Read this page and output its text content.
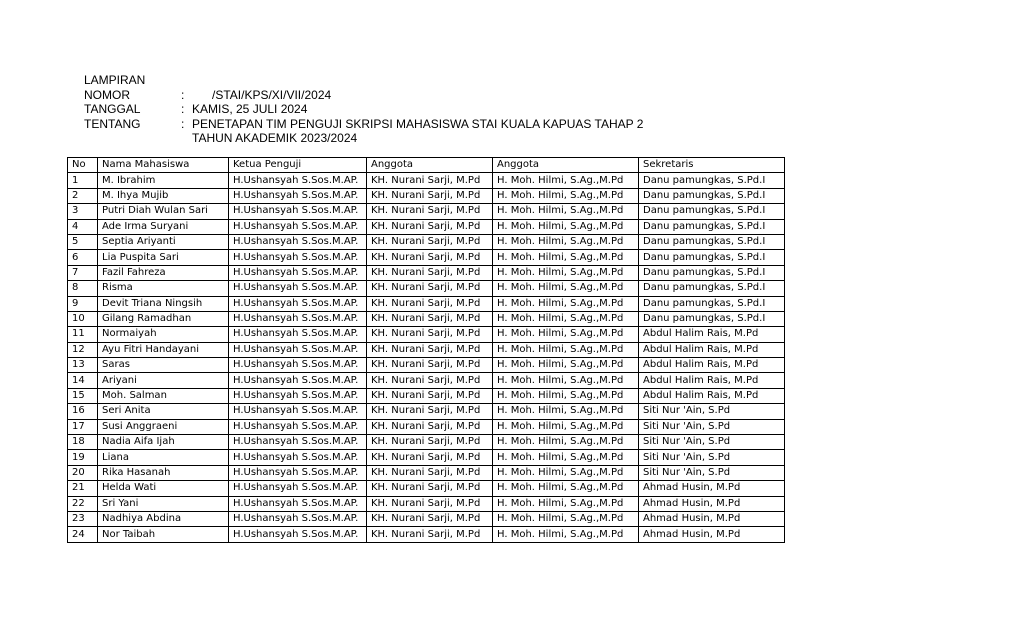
LAMPIRAN
NOMOR	:	/STAI/KPS/XI/VII/2024
TANGGAL	: KAMIS, 25 JULI 2024
TENTANG	: PENETAPAN TIM PENGUJI SKRIPSI MAHASISWA STAI KUALA KAPUAS TAHAP 2
TAHUN AKADEMIK 2023/2024
No	Nama Mahasiswa	Ketua Penguji	Anggota	Anggota	Sekretaris
1	M. Ibrahim	H.Ushansyah S.Sos.M.AP.	KH. Nurani Sarji, M.Pd	H. Moh. Hilmi, S.Ag.,M.Pd	Danu pamungkas, S.Pd.I
2	M. Ihya Mujib	H.Ushansyah S.Sos.M.AP.	KH. Nurani Sarji, M.Pd	H. Moh. Hilmi, S.Ag.,M.Pd	Danu pamungkas, S.Pd.I
3	Putri Diah Wulan Sari	H.Ushansyah S.Sos.M.AP.	KH. Nurani Sarji, M.Pd	H. Moh. Hilmi, S.Ag.,M.Pd	Danu pamungkas, S.Pd.I
4	Ade Irma Suryani	H.Ushansyah S.Sos.M.AP.	KH. Nurani Sarji, M.Pd	H. Moh. Hilmi, S.Ag.,M.Pd	Danu pamungkas, S.Pd.I
5	Septia Ariyanti	H.Ushansyah S.Sos.M.AP.	KH. Nurani Sarji, M.Pd	H. Moh. Hilmi, S.Ag.,M.Pd	Danu pamungkas, S.Pd.I
6	Lia Puspita Sari	H.Ushansyah S.Sos.M.AP.	KH. Nurani Sarji, M.Pd	H. Moh. Hilmi, S.Ag.,M.Pd	Danu pamungkas, S.Pd.I
7	Fazil Fahreza	H.Ushansyah S.Sos.M.AP.	KH. Nurani Sarji, M.Pd	H. Moh. Hilmi, S.Ag.,M.Pd	Danu pamungkas, S.Pd.I
8	Risma	H.Ushansyah S.Sos.M.AP.	KH. Nurani Sarji, M.Pd	H. Moh. Hilmi, S.Ag.,M.Pd	Danu pamungkas, S.Pd.I
9	Devit Triana Ningsih	H.Ushansyah S.Sos.M.AP.	KH. Nurani Sarji, M.Pd	H. Moh. Hilmi, S.Ag.,M.Pd	Danu pamungkas, S.Pd.I
10	Gilang Ramadhan	H.Ushansyah S.Sos.M.AP.	KH. Nurani Sarji, M.Pd	H. Moh. Hilmi, S.Ag.,M.Pd	Danu pamungkas, S.Pd.I
11	Normaiyah	H.Ushansyah S.Sos.M.AP.	KH. Nurani Sarji, M.Pd	H. Moh. Hilmi, S.Ag.,M.Pd	Abdul Halim Rais, M.Pd
12	Ayu Fitri Handayani	H.Ushansyah S.Sos.M.AP.	KH. Nurani Sarji, M.Pd	H. Moh. Hilmi, S.Ag.,M.Pd	Abdul Halim Rais, M.Pd
13	Saras	H.Ushansyah S.Sos.M.AP.	KH. Nurani Sarji, M.Pd	H. Moh. Hilmi, S.Ag.,M.Pd	Abdul Halim Rais, M.Pd
14	Ariyani	H.Ushansyah S.Sos.M.AP.	KH. Nurani Sarji, M.Pd	H. Moh. Hilmi, S.Ag.,M.Pd	Abdul Halim Rais, M.Pd
15	Moh. Salman	H.Ushansyah S.Sos.M.AP.	KH. Nurani Sarji, M.Pd	H. Moh. Hilmi, S.Ag.,M.Pd	Abdul Halim Rais, M.Pd
16	Seri Anita	H.Ushansyah S.Sos.M.AP.	KH. Nurani Sarji, M.Pd	H. Moh. Hilmi, S.Ag.,M.Pd	Siti Nur 'Ain, S.Pd
17	Susi Anggraeni	H.Ushansyah S.Sos.M.AP.	KH. Nurani Sarji, M.Pd	H. Moh. Hilmi, S.Ag.,M.Pd	Siti Nur 'Ain, S.Pd
18	Nadia Aifa Ijah	H.Ushansyah S.Sos.M.AP.	KH. Nurani Sarji, M.Pd	H. Moh. Hilmi, S.Ag.,M.Pd	Siti Nur 'Ain, S.Pd
19	Liana	H.Ushansyah S.Sos.M.AP.	KH. Nurani Sarji, M.Pd	H. Moh. Hilmi, S.Ag.,M.Pd	Siti Nur 'Ain, S.Pd
20	Rika Hasanah	H.Ushansyah S.Sos.M.AP.	KH. Nurani Sarji, M.Pd	H. Moh. Hilmi, S.Ag.,M.Pd	Siti Nur 'Ain, S.Pd
21	Helda Wati	H.Ushansyah S.Sos.M.AP.	KH. Nurani Sarji, M.Pd	H. Moh. Hilmi, S.Ag.,M.Pd	Ahmad Husin, M.Pd
22	Sri Yani	H.Ushansyah S.Sos.M.AP.	KH. Nurani Sarji, M.Pd	H. Moh. Hilmi, S.Ag.,M.Pd	Ahmad Husin, M.Pd
23	Nadhiya Abdina	H.Ushansyah S.Sos.M.AP.	KH. Nurani Sarji, M.Pd	H. Moh. Hilmi, S.Ag.,M.Pd	Ahmad Husin, M.Pd
24	Nor Taibah	H.Ushansyah S.Sos.M.AP.	KH. Nurani Sarji, M.Pd	H. Moh. Hilmi, S.Ag.,M.Pd	Ahmad Husin, M.Pd
